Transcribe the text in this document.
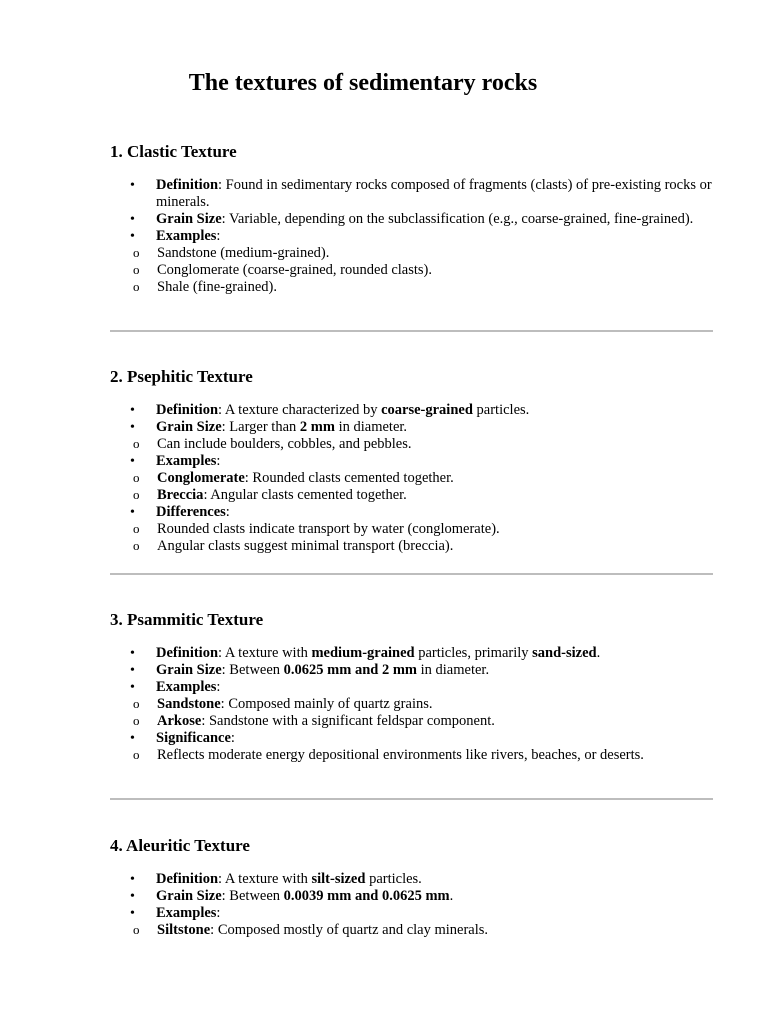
The textures of sedimentary rocks
1. Clastic Texture
• Definition: Found in sedimentary rocks composed of fragments (clasts) of pre-existing rocks or minerals.
• Grain Size: Variable, depending on the subclassification (e.g., coarse-grained, fine-grained).
• Examples:
o Sandstone (medium-grained).
o Conglomerate (coarse-grained, rounded clasts).
o Shale (fine-grained).
2. Psephitic Texture
• Definition: A texture characterized by coarse-grained particles.
• Grain Size: Larger than 2 mm in diameter.
o Can include boulders, cobbles, and pebbles.
• Examples:
o Conglomerate: Rounded clasts cemented together.
o Breccia: Angular clasts cemented together.
• Differences:
o Rounded clasts indicate transport by water (conglomerate).
o Angular clasts suggest minimal transport (breccia).
3. Psammitic Texture
• Definition: A texture with medium-grained particles, primarily sand-sized.
• Grain Size: Between 0.0625 mm and 2 mm in diameter.
• Examples:
o Sandstone: Composed mainly of quartz grains.
o Arkose: Sandstone with a significant feldspar component.
• Significance:
o Reflects moderate energy depositional environments like rivers, beaches, or deserts.
4. Aleuritic Texture
• Definition: A texture with silt-sized particles.
• Grain Size: Between 0.0039 mm and 0.0625 mm.
• Examples:
o Siltstone: Composed mostly of quartz and clay minerals.
